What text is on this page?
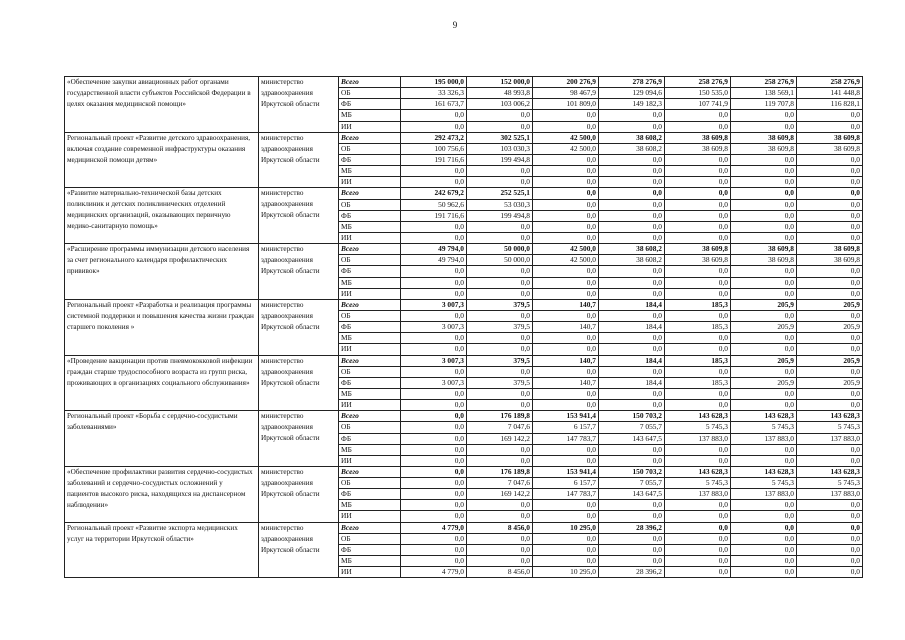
9
«Обеспечение закупки авиационных работ органами государственной власти субъектов Российской Федерации в целях оказания медицинской помощи»	министерство здравоохранения Иркутской области	Всего	195 000,0	152 000,0	200 276,9	278 276,9	258 276,9	258 276,9	258 276,9
		ОБ	33 326,3	48 993,8	98 467,9	129 094,6	150 535,0	138 569,1	141 448,8
		ФБ	161 673,7	103 006,2	101 809,0	149 182,3	107 741,9	119 707,8	116 828,1
		МБ	0,0	0,0	0,0	0,0	0,0	0,0	0,0
		ИИ	0,0	0,0	0,0	0,0	0,0	0,0	0,0
Региональный проект «Развитие детского здравоохранения, включая создание современной инфраструктуры оказания медицинской помощи детям»	министерство здравоохранения Иркутской области	Всего	292 473,2	302 525,1	42 500,0	38 608,2	38 609,8	38 609,8	38 609,8
		ОБ	100 756,6	103 030,3	42 500,0	38 608,2	38 609,8	38 609,8	38 609,8
		ФБ	191 716,6	199 494,8	0,0	0,0	0,0	0,0	0,0
		МБ	0,0	0,0	0,0	0,0	0,0	0,0	0,0
		ИИ	0,0	0,0	0,0	0,0	0,0	0,0	0,0
«Развитие материально-технической базы детских поликлиник и детских поликлинических отделений медицинских организаций, оказывающих первичную медико-санитарную помощь»	министерство здравоохранения Иркутской области	Всего	242 679,2	252 525,1	0,0	0,0	0,0	0,0	0,0
		ОБ	50 962,6	53 030,3	0,0	0,0	0,0	0,0	0,0
		ФБ	191 716,6	199 494,8	0,0	0,0	0,0	0,0	0,0
		МБ	0,0	0,0	0,0	0,0	0,0	0,0	0,0
		ИИ	0,0	0,0	0,0	0,0	0,0	0,0	0,0
«Расширение программы иммунизации детского населения за счет регионального календаря профилактических прививок»	министерство здравоохранения Иркутской области	Всего	49 794,0	50 000,0	42 500,0	38 608,2	38 609,8	38 609,8	38 609,8
		ОБ	49 794,0	50 000,0	42 500,0	38 608,2	38 609,8	38 609,8	38 609,8
		ФБ	0,0	0,0	0,0	0,0	0,0	0,0	0,0
		МБ	0,0	0,0	0,0	0,0	0,0	0,0	0,0
		ИИ	0,0	0,0	0,0	0,0	0,0	0,0	0,0
Региональный проект «Разработка и реализация программы системной поддержки и повышения качества жизни граждан старшего поколения »	министерство здравоохранения Иркутской области	Всего	3 007,3	379,5	140,7	184,4	185,3	205,9	205,9
		ОБ	0,0	0,0	0,0	0,0	0,0	0,0	0,0
		ФБ	3 007,3	379,5	140,7	184,4	185,3	205,9	205,9
		МБ	0,0	0,0	0,0	0,0	0,0	0,0	0,0
		ИИ	0,0	0,0	0,0	0,0	0,0	0,0	0,0
«Проведение вакцинации против пневмококковой инфекции граждан старше трудоспособного возраста из групп риска, проживающих в организациях социального обслуживания»	министерство здравоохранения Иркутской области	Всего	3 007,3	379,5	140,7	184,4	185,3	205,9	205,9
		ОБ	0,0	0,0	0,0	0,0	0,0	0,0	0,0
		ФБ	3 007,3	379,5	140,7	184,4	185,3	205,9	205,9
		МБ	0,0	0,0	0,0	0,0	0,0	0,0	0,0
		ИИ	0,0	0,0	0,0	0,0	0,0	0,0	0,0
Региональный проект «Борьба с сердечно-сосудистыми заболеваниями»	министерство здравоохранения Иркутской области	Всего	0,0	176 189,8	153 941,4	150 703,2	143 628,3	143 628,3	143 628,3
		ОБ	0,0	7 047,6	6 157,7	7 055,7	5 745,3	5 745,3	5 745,3
		ФБ	0,0	169 142,2	147 783,7	143 647,5	137 883,0	137 883,0	137 883,0
		МБ	0,0	0,0	0,0	0,0	0,0	0,0	0,0
		ИИ	0,0	0,0	0,0	0,0	0,0	0,0	0,0
«Обеспечение профилактики развития сердечно-сосудистых заболеваний и сердечно-сосудистых осложнений у пациентов высокого риска, находящихся на диспансерном наблюдении»	министерство здравоохранения Иркутской области	Всего	0,0	176 189,8	153 941,4	150 703,2	143 628,3	143 628,3	143 628,3
		ОБ	0,0	7 047,6	6 157,7	7 055,7	5 745,3	5 745,3	5 745,3
		ФБ	0,0	169 142,2	147 783,7	143 647,5	137 883,0	137 883,0	137 883,0
		МБ	0,0	0,0	0,0	0,0	0,0	0,0	0,0
		ИИ	0,0	0,0	0,0	0,0	0,0	0,0	0,0
Региональный проект «Развитие экспорта медицинских услуг на территории Иркутской области»	министерство здравоохранения Иркутской области	Всего	4 779,0	8 456,0	10 295,0	28 396,2	0,0	0,0	0,0
		ОБ	0,0	0,0	0,0	0,0	0,0	0,0	0,0
		ФБ	0,0	0,0	0,0	0,0	0,0	0,0	0,0
		МБ	0,0	0,0	0,0	0,0	0,0	0,0	0,0
		ИИ	4 779,0	8 456,0	10 295,0	28 396,2	0,0	0,0	0,0
